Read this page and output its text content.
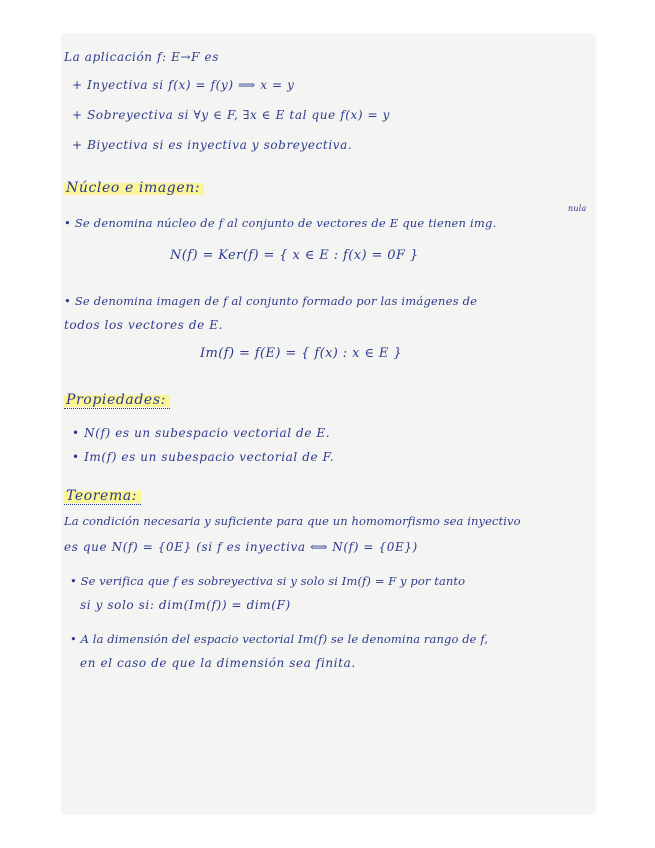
La aplicación f: E→F es
+ Inyectiva si f(x) = f(y) ⟹ x = y
+ Sobreyectiva si ∀y ∈ F, ∃x ∈ E tal que f(x) = y
+ Biyectiva si es inyectiva y sobreyectiva.
Núcleo e imagen:
nula
• Se denomina núcleo de f al conjunto de vectores de E que tienen img.
N(f) = Ker(f) = { x ∈ E : f(x) = 0F }
• Se denomina imagen de f al conjunto formado por las imágenes de
todos los vectores de E.
Im(f) = f(E) = { f(x) : x ∈ E }
Propiedades:
• N(f) es un subespacio vectorial de E.
• Im(f) es un subespacio vectorial de F.
Teorema:
La condición necesaria y suficiente para que un homomorfismo sea inyectivo
es que N(f) = {0E} (si f es inyectiva ⟺ N(f) = {0E})
• Se verifica que f es sobreyectiva si y solo si Im(f) = F y por tanto
si y solo si: dim(Im(f)) = dim(F)
• A la dimensión del espacio vectorial Im(f) se le denomina rango de f,
en el caso de que la dimensión sea finita.
